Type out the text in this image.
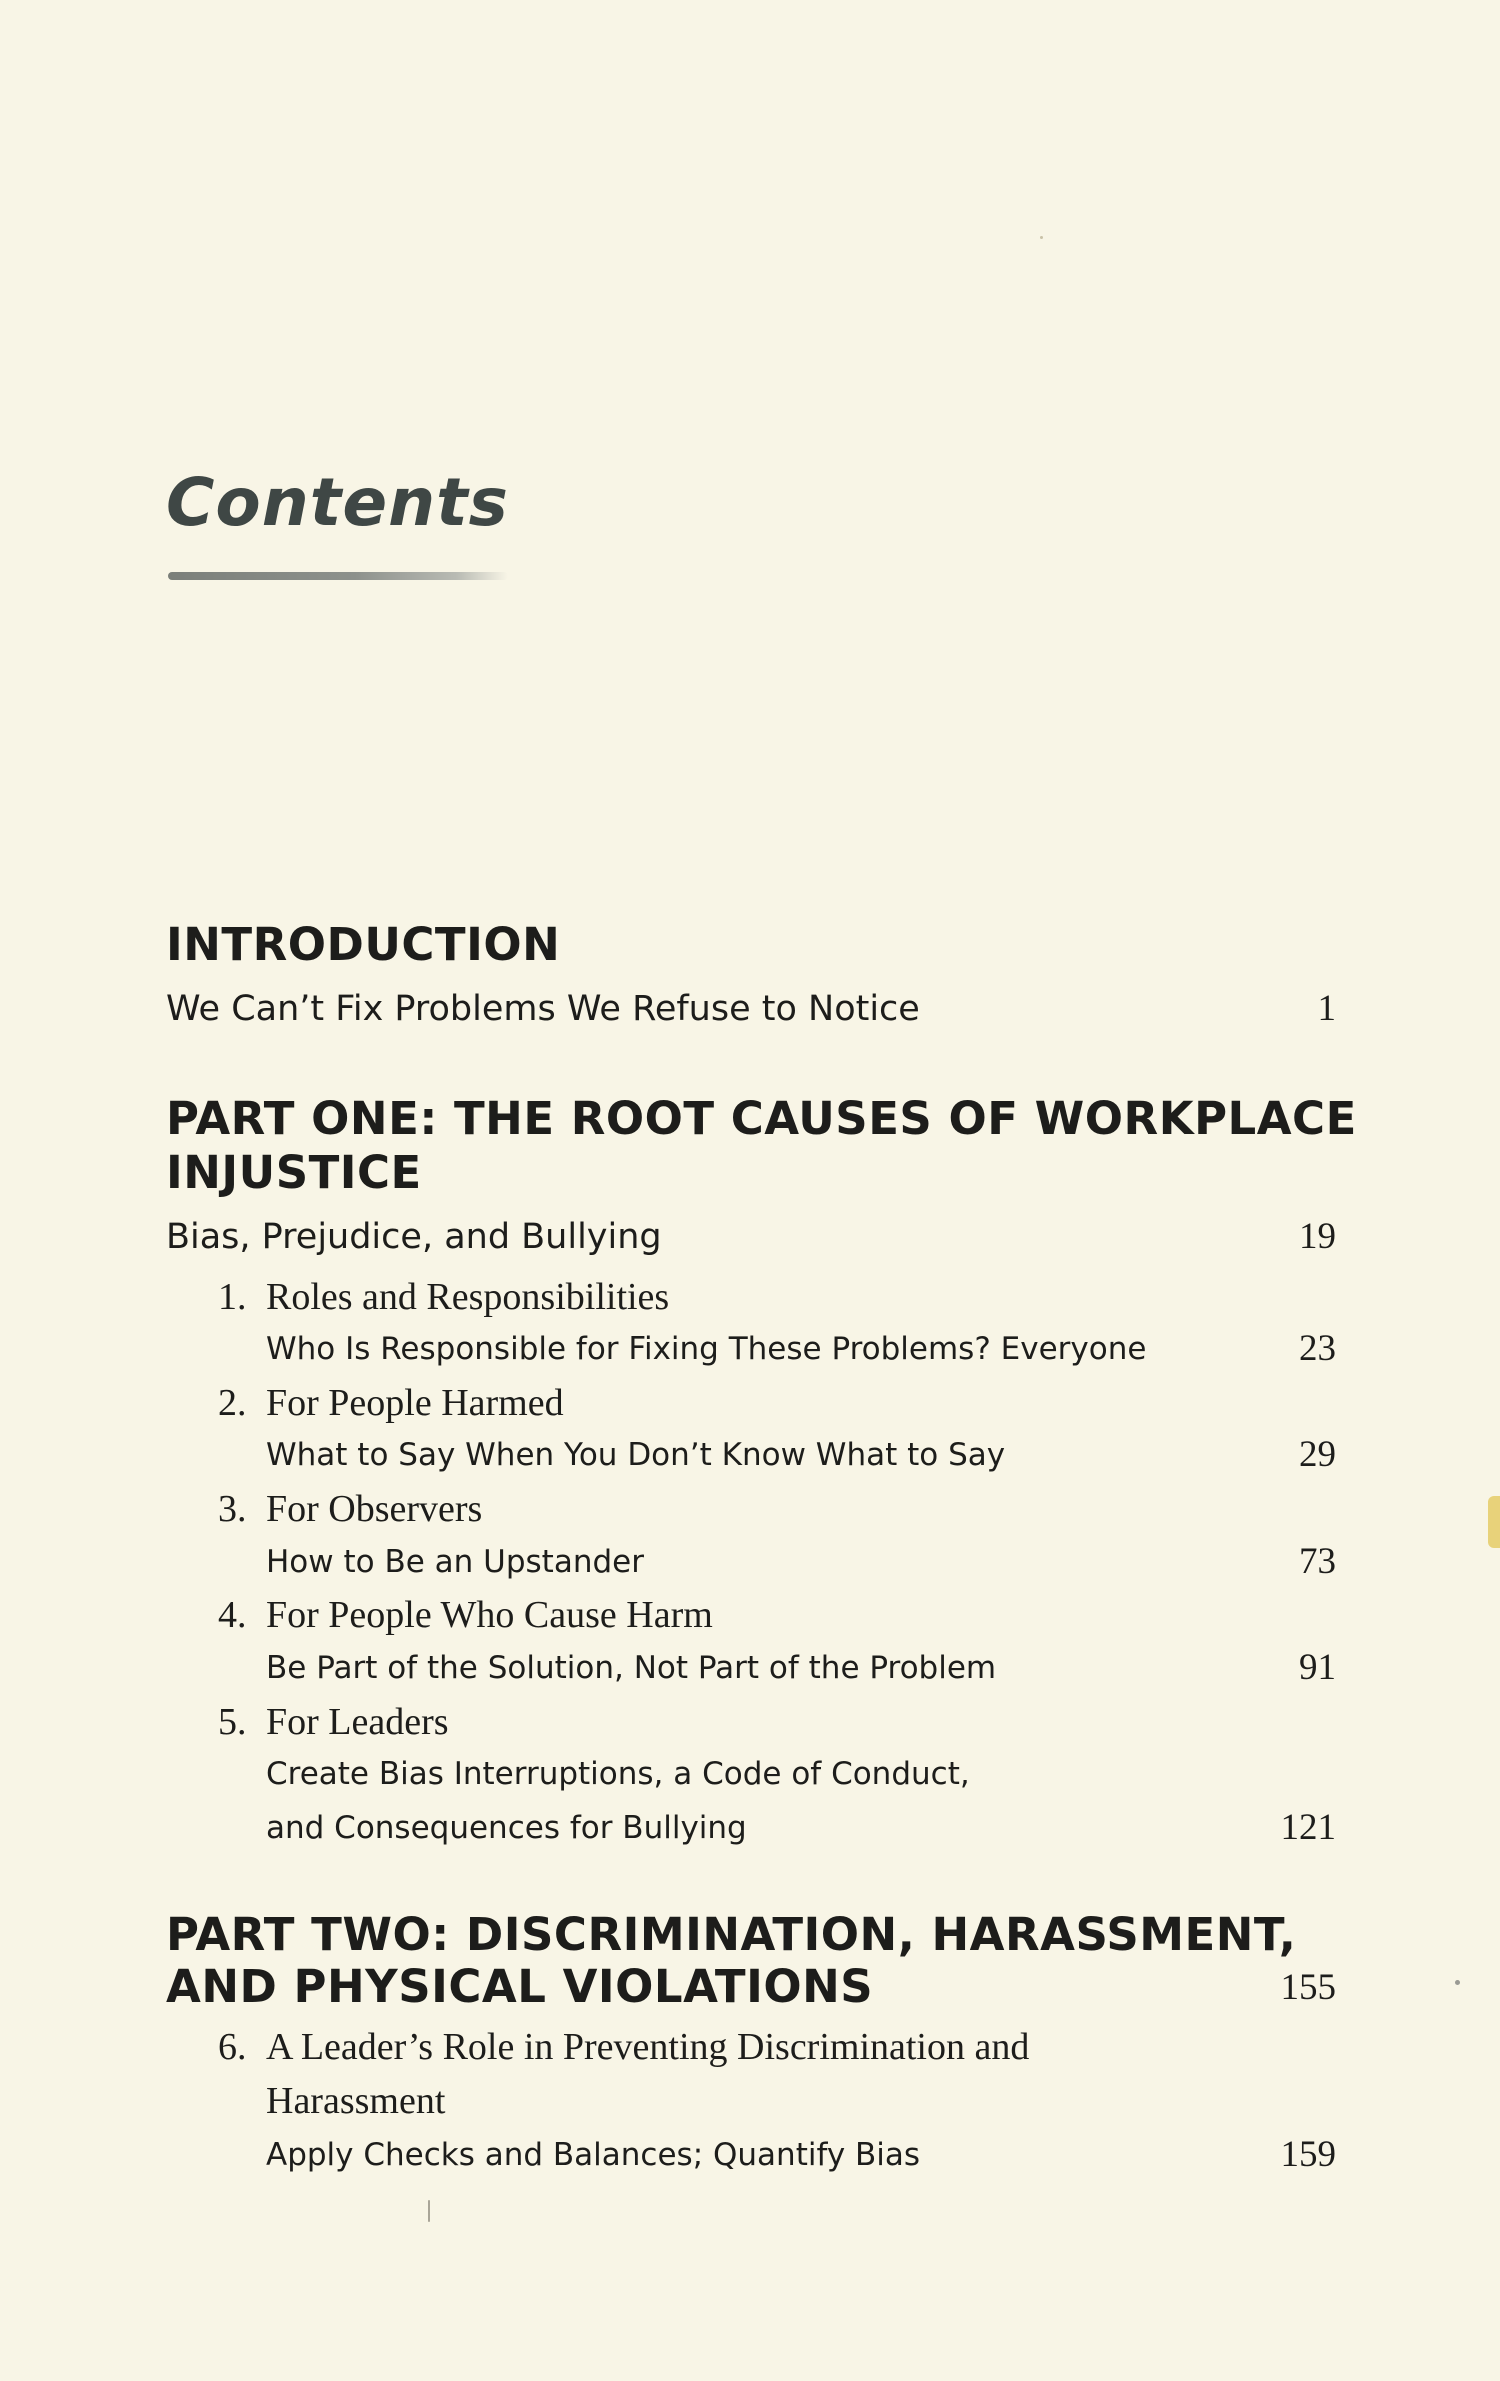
Contents
INTRODUCTION
We Can’t Fix Problems We Refuse to Notice	1
PART ONE: THE ROOT CAUSES OF WORKPLACE
INJUSTICE
Bias, Prejudice, and Bullying	19
1. Roles and Responsibilities
Who Is Responsible for Fixing These Problems? Everyone	23
2. For People Harmed
What to Say When You Don’t Know What to Say	29
3. For Observers
How to Be an Upstander	73
4. For People Who Cause Harm
Be Part of the Solution, Not Part of the Problem	91
5. For Leaders
Create Bias Interruptions, a Code of Conduct,
and Consequences for Bullying	121
PART TWO: DISCRIMINATION, HARASSMENT,
AND PHYSICAL VIOLATIONS	155
6. A Leader’s Role in Preventing Discrimination and
Harassment
Apply Checks and Balances; Quantify Bias	159
